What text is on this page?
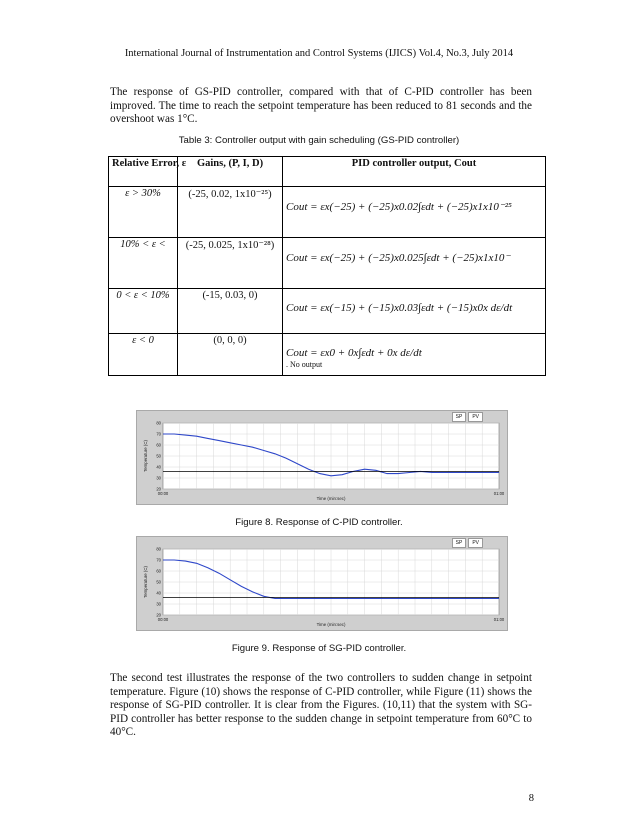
International Journal of Instrumentation and Control Systems (IJICS) Vol.4, No.3, July 2014
The response of GS-PID controller, compared with that of C-PID controller has been improved. The time to reach the setpoint temperature has been reduced to 81 seconds and the overshoot was 1°C.
Table 3: Controller output with gain scheduling (GS-PID controller)
Relative Error, ε	Gains, (P, I, D)	PID controller output, Cout
ε > 30%	(-25, 0.02, 1x10⁻²⁵)	Cout = εx(−25) + (−25)x0.02∫εdt + (−25)x1x10⁻²⁵

10% < ε <	(-25, 0.025, 1x10⁻²⁸)	Cout = εx(−25) + (−25)x0.025∫εdt + (−25)x1x10⁻

0 < ε < 10%	(-15, 0.03, 0)	Cout = εx(−15) + (−15)x0.03∫εdt + (−15)x0x dε/dt

ε < 0	(0, 0, 0)	Cout = εx0 + 0x∫εdt + 0x dε/dt
. No output
SP	PV
20
30
40
50
60
70
80
00:00	01:00
Time (min:sec)
Temperature (C)
Figure 8. Response of C-PID controller.
SP	PV
20
30
40
50
60
70
80
00:00	01:00
Time (min:sec)
Temperature (C)
Figure 9. Response of SG-PID controller.
The second test illustrates the response of the two controllers to sudden change in setpoint temperature. Figure (10) shows the response of C-PID controller, while Figure (11) shows the response of SG-PID controller. It is clear from the Figures. (10,11) that the system with SG-PID controller has better response to the sudden change in setpoint temperature from 60°C to 40°C.
8
